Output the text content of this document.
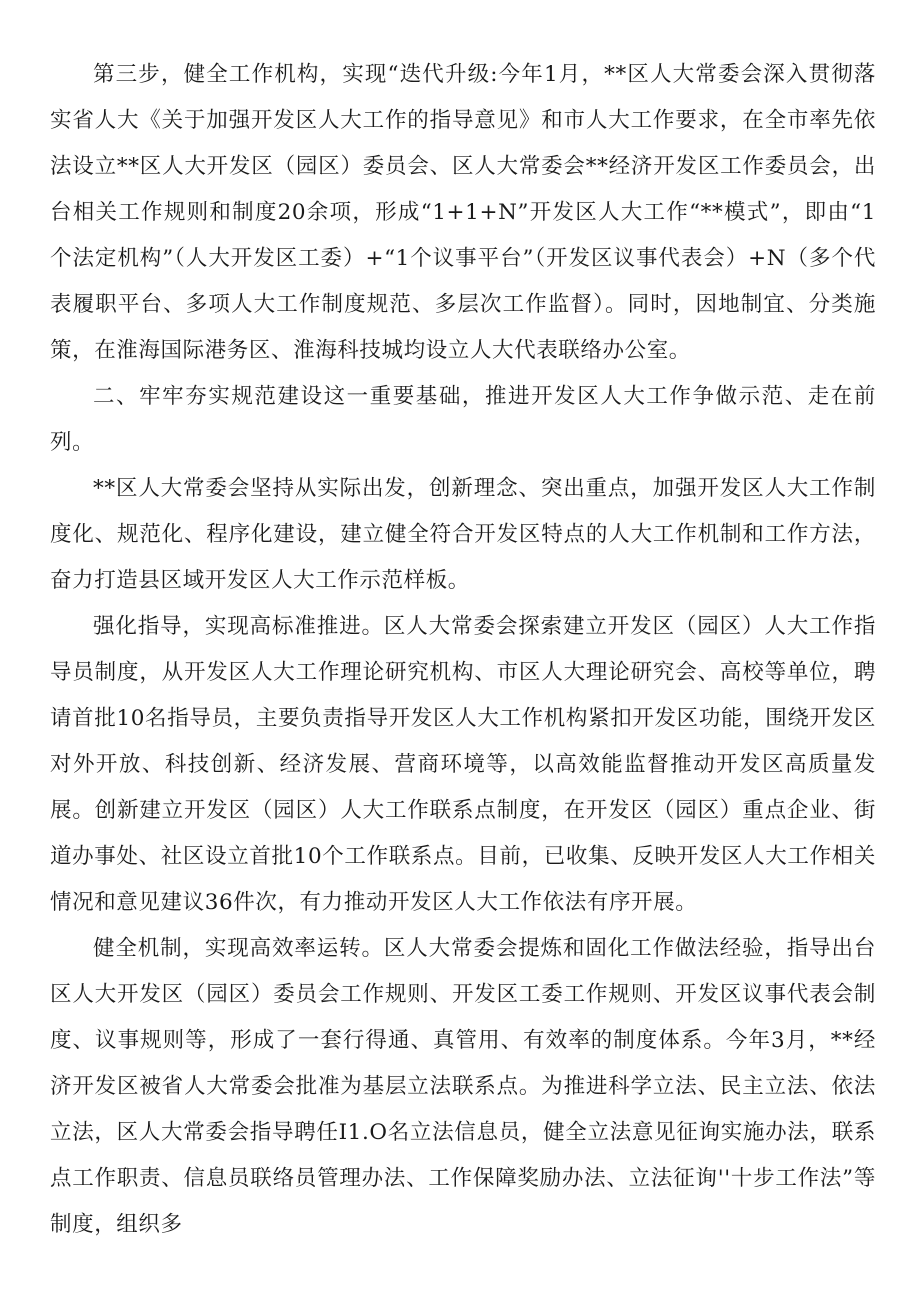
第三步，健全工作机构，实现“迭代升级:今年1月，**区人大常委会深入贯彻落实省人大《关于加强开发区人大工作的指导意见》和市人大工作要求，在全市率先依法设立**区人大开发区（园区）委员会、区人大常委会**经济开发区工作委员会，出台相关工作规则和制度20余项，形成“1+1+N”开发区人大工作“**模式”，即由“1个法定机构”（人大开发区工委）+“1个议事平台”（开发区议事代表会）+N（多个代表履职平台、多项人大工作制度规范、多层次工作监督）。同时，因地制宜、分类施策，在淮海国际港务区、淮海科技城均设立人大代表联络办公室。

二、牢牢夯实规范建设这一重要基础，推进开发区人大工作争做示范、走在前列。

**区人大常委会坚持从实际出发，创新理念、突出重点，加强开发区人大工作制度化、规范化、程序化建设，建立健全符合开发区特点的人大工作机制和工作方法，奋力打造县区域开发区人大工作示范样板。

强化指导，实现高标准推进。区人大常委会探索建立开发区（园区）人大工作指导员制度，从开发区人大工作理论研究机构、市区人大理论研究会、高校等单位，聘请首批10名指导员，主要负责指导开发区人大工作机构紧扣开发区功能，围绕开发区对外开放、科技创新、经济发展、营商环境等，以高效能监督推动开发区高质量发展。创新建立开发区（园区）人大工作联系点制度，在开发区（园区）重点企业、街道办事处、社区设立首批10个工作联系点。目前，已收集、反映开发区人大工作相关情况和意见建议36件次，有力推动开发区人大工作依法有序开展。

健全机制，实现高效率运转。区人大常委会提炼和固化工作做法经验，指导出台区人大开发区（园区）委员会工作规则、开发区工委工作规则、开发区议事代表会制度、议事规则等，形成了一套行得通、真管用、有效率的制度体系。今年3月，**经济开发区被省人大常委会批准为基层立法联系点。为推进科学立法、民主立法、依法立法，区人大常委会指导聘任I1.O名立法信息员，健全立法意见征询实施办法，联系点工作职责、信息员联络员管理办法、工作保障奖励办法、立法征询''十步工作法”等制度，组织多
